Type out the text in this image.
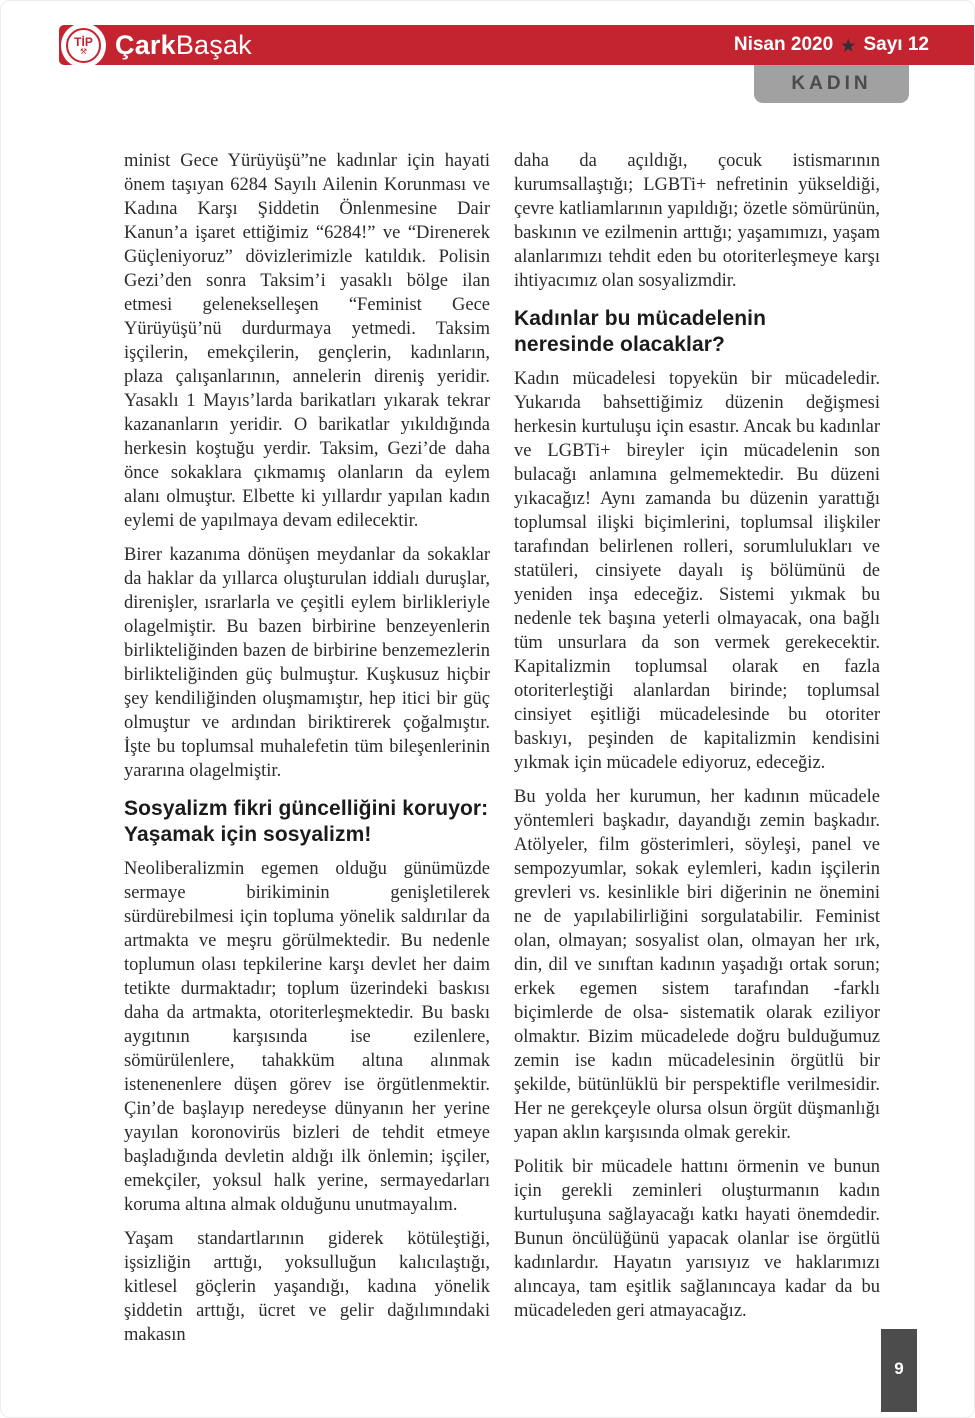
TİP
⚒ Çark Başak	Nisan 2020 ★ Sayı 12
KADIN

minist Gece Yürüyüşü”ne kadınlar için hayati önem taşıyan 6284 Sayılı Ailenin Korunması ve Kadına Karşı Şiddetin Önlenmesine Dair Kanun’a işaret ettiğimiz “6284!” ve “Direnerek Güçleniyoruz” dövizlerimizle katıldık. Polisin Gezi’den sonra Taksim’i yasaklı bölge ilan etmesi gelenekselleşen “Feminist Gece Yürüyüşü’nü durdurmaya yetmedi. Taksim işçilerin, emekçilerin, gençlerin, kadınların, plaza çalışanlarının, annelerin direniş yeridir. Yasaklı 1 Mayıs’larda barikatları yıkarak tekrar kazananların yeridir. O barikatlar yıkıldığında herkesin koştuğu yerdir. Taksim, Gezi’de daha önce sokaklara çıkmamış olanların da eylem alanı olmuştur. Elbette ki yıllardır yapılan kadın eylemi de yapılmaya devam edilecektir.

Birer kazanıma dönüşen meydanlar da sokaklar da haklar da yıllarca oluşturulan iddialı duruşlar, direnişler, ısrarlarla ve çeşitli eylem birlikleriyle olagelmiştir. Bu bazen birbirine benzeyenlerin birlikteliğinden bazen de birbirine benzemezlerin birlikteliğinden güç bulmuştur. Kuşkusuz hiçbir şey kendiliğinden oluşmamıştır, hep itici bir güç olmuştur ve ardından biriktirerek çoğalmıştır. İşte bu toplumsal muhalefetin tüm bileşenlerinin yararına olagelmiştir.

Sosyalizm fikri güncelliğini koruyor:
Yaşamak için sosyalizm!

Neoliberalizmin egemen olduğu günümüzde sermaye birikiminin genişletilerek sürdürebilmesi için topluma yönelik saldırılar da artmakta ve meşru görülmektedir. Bu nedenle toplumun olası tepkilerine karşı devlet her daim tetikte durmaktadır; toplum üzerindeki baskısı daha da artmakta, otoriterleşmektedir. Bu baskı aygıtının karşısında ise ezilenlere, sömürülenlere, tahakküm altına alınmak istenenenlere düşen görev ise örgütlenmektir. Çin’de başlayıp neredeyse dünyanın her yerine yayılan koronovirüs bizleri de tehdit etmeye başladığında devletin aldığı ilk önlemin; işçiler, emekçiler, yoksul halk yerine, sermayedarları koruma altına almak olduğunu unutmayalım.

Yaşam standartlarının giderek kötüleştiği, işsizliğin arttığı, yoksulluğun kalıcılaştığı, kitlesel göçlerin yaşandığı, kadına yönelik şiddetin arttığı, ücret ve gelir dağılımındaki makasın

daha da açıldığı, çocuk istismarının kurumsallaştığı; LGBTi+ nefretinin yükseldiği, çevre katliamlarının yapıldığı; özetle sömürünün, baskının ve ezilmenin arttığı; yaşamımızı, yaşam alanlarımızı tehdit eden bu otoriterleşmeye karşı ihtiyacımız olan sosyalizmdir.

Kadınlar bu mücadelenin
neresinde olacaklar?

Kadın mücadelesi topyekün bir mücadeledir. Yukarıda bahsettiğimiz düzenin değişmesi herkesin kurtuluşu için esastır. Ancak bu kadınlar ve LGBTi+ bireyler için mücadelenin son bulacağı anlamına gelmemektedir. Bu düzeni yıkacağız! Aynı zamanda bu düzenin yarattığı toplumsal ilişki biçimlerini, toplumsal ilişkiler tarafından belirlenen rolleri, sorumlulukları ve statüleri, cinsiyete dayalı iş bölümünü de yeniden inşa edeceğiz. Sistemi yıkmak bu nedenle tek başına yeterli olmayacak, ona bağlı tüm unsurlara da son vermek gerekecektir. Kapitalizmin toplumsal olarak en fazla otoriterleştiği alanlardan birinde; toplumsal cinsiyet eşitliği mücadelesinde bu otoriter baskıyı, peşinden de kapitalizmin kendisini yıkmak için mücadele ediyoruz, edeceğiz.

Bu yolda her kurumun, her kadının mücadele yöntemleri başkadır, dayandığı zemin başkadır. Atölyeler, film gösterimleri, söyleşi, panel ve sempozyumlar, sokak eylemleri, kadın işçilerin grevleri vs. kesinlikle biri diğerinin ne önemini ne de yapılabilirliğini sorgulatabilir. Feminist olan, olmayan; sosyalist olan, olmayan her ırk, din, dil ve sınıftan kadının yaşadığı ortak sorun; erkek egemen sistem tarafından -farklı biçimlerde de olsa- sistematik olarak eziliyor olmaktır. Bizim mücadelede doğru bulduğumuz zemin ise kadın mücadelesinin örgütlü bir şekilde, bütünlüklü bir perspektifle verilmesidir. Her ne gerekçeyle olursa olsun örgüt düşmanlığı yapan aklın karşısında olmak gerekir.

Politik bir mücadele hattını örmenin ve bunun için gerekli zeminleri oluşturmanın kadın kurtuluşuna sağlayacağı katkı hayati önemdedir. Bunun öncülüğünü yapacak olanlar ise örgütlü kadınlardır. Hayatın yarısıyız ve haklarımızı alıncaya, tam eşitlik sağlanıncaya kadar da bu mücadeleden geri atmayacağız.

9
